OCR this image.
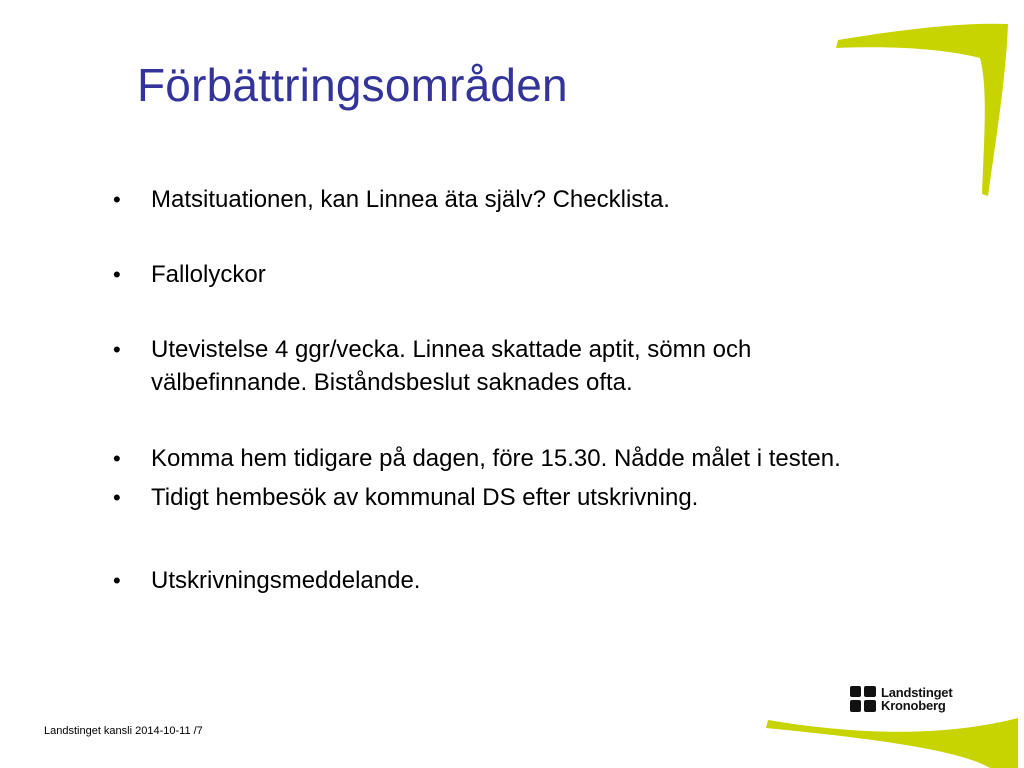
Förbättringsområden
•	Matsituationen, kan Linnea äta själv? Checklista.
•	Fallolyckor
•	Utevistelse 4 ggr/vecka. Linnea skattade aptit, sömn och välbefinnande. Biståndsbeslut saknades ofta.
•	Komma hem tidigare på dagen, före 15.30. Nådde målet i testen.
•	Tidigt hembesök av kommunal DS efter utskrivning.
•	Utskrivningsmeddelande.
Landstinget
Kronoberg
Landstinget kansli 2014-10-11 /7
